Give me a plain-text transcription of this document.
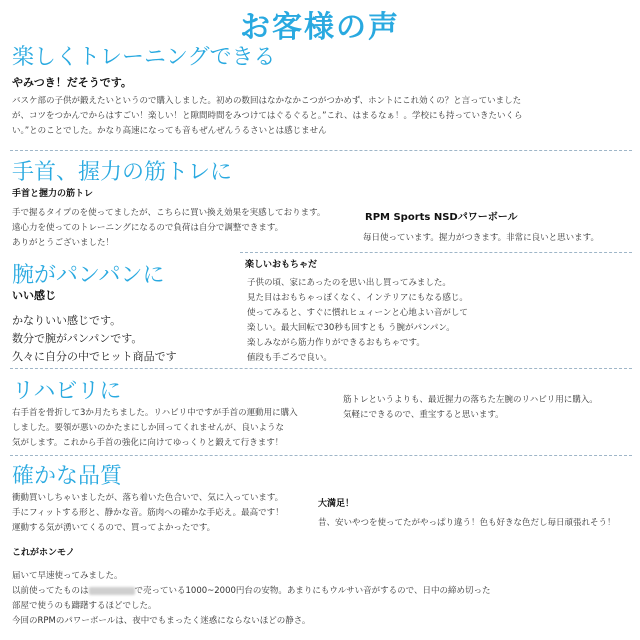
お客様の声
楽しくトレーニングできる
やみつき！だそうです。
バスケ部の子供が鍛えたいというので購入しました。初めの数回はなかなかこつがつかめず、ホントにこれ効くの？と言っていました
が、コツをつかんでからはすごい！楽しい！と隙間時間をみつけてはぐるぐると。”これ、はまるなぁ！。学校にも持っていきたいくら
い。”とのことでした。かなり高速になっても音もぜんぜんうるさいとは感じません
手首、握力の筋トレに
手首と握力の筋トレ
手で握るタイプのを使ってましたが、こちらに買い換え効果を実感しております。
遠心力を使ってのトレーニングになるので負荷は自分で調整できます。
ありがとうございました！
RPM Sports NSDパワーボール
毎日使っています。握力がつきます。非常に良いと思います。
腕がパンパンに
いい感じ
かなりいい感じです。
数分で腕がパンパンです。
久々に自分の中でヒット商品です
楽しいおもちゃだ
子供の頃、家にあったのを思い出し買ってみました。
見た目はおもちゃっぽくなく、インテリアにもなる感じ。
使ってみると、すぐに慣れヒュィーンと心地よい音がして
楽しい。最大回転で30秒も回すとも う腕がパンパン。
楽しみながら筋力作りができるおもちゃです。
値段も手ごろで良い。
リハビリに
右手首を骨折して3か月たちました。リハビリ中ですが手首の運動用に購入
しました。要領が悪いのかたまにしか回ってくれませんが、良いような
気がします。これから手首の強化に向けてゆっくりと鍛えて行きます！
筋トレというよりも、最近握力の落ちた左腕のリハビリ用に購入。
気軽にできるので、重宝すると思います。
確かな品質
衝動買いしちゃいましたが、落ち着いた色合いで、気に入っています。
手にフィットする形と、静かな音。筋肉への確かな手応え。最高です！
運動する気が湧いてくるので、買ってよかったです。
大満足！
昔、安いやつを使ってたがやっぱり違う！色も好きな色だし毎日頑張れそう！
これがホンモノ
届いて早速使ってみました。
以前使ってたものは	で売っている1000~2000円台の安物。あまりにもウルサい音がするので、日中の締め切った
部屋で使うのも躊躇するほどでした。
今回のRPMのパワーボールは、夜中でもまったく迷惑にならないほどの静さ。
